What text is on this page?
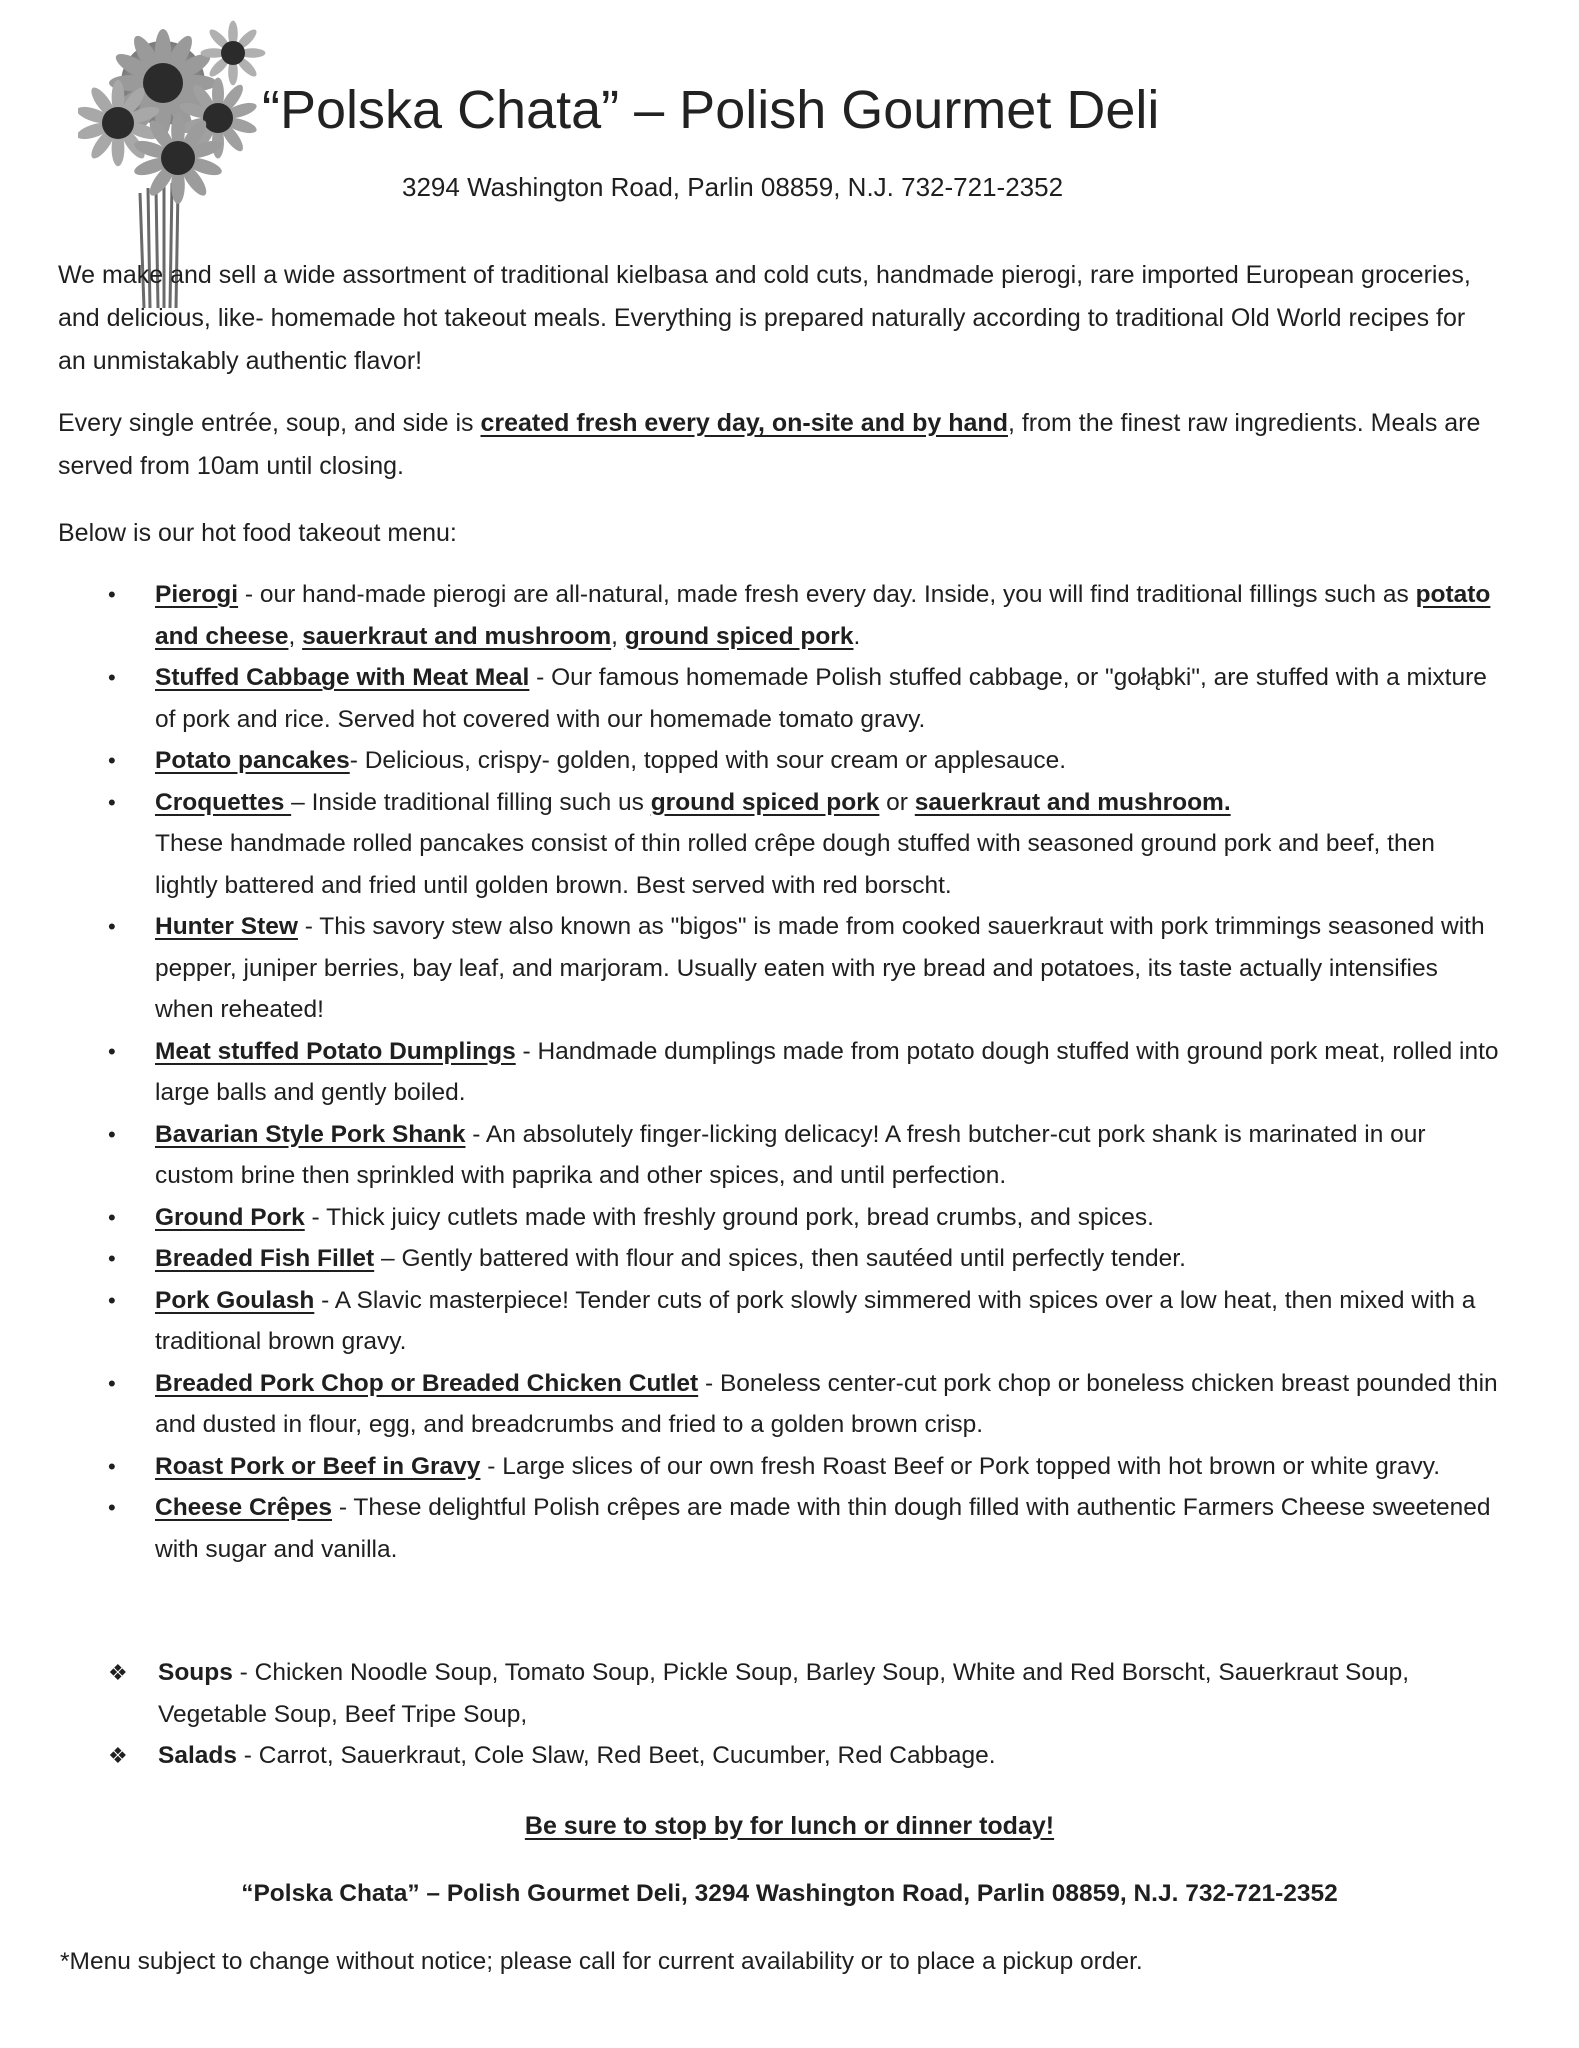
“Polska Chata” – Polish Gourmet Deli
3294 Washington Road, Parlin 08859, N.J. 732-721-2352
We make and sell a wide assortment of traditional kielbasa and cold cuts, handmade pierogi, rare imported European groceries, and delicious, like- homemade hot takeout meals. Everything is prepared naturally according to traditional Old World recipes for an unmistakably authentic flavor!
Every single entrée, soup, and side is created fresh every day, on-site and by hand, from the finest raw ingredients. Meals are served from 10am until closing.
Below is our hot food takeout menu:
• Pierogi - our hand-made pierogi are all-natural, made fresh every day. Inside, you will find traditional fillings such as potato and cheese, sauerkraut and mushroom, ground spiced pork.
• Stuffed Cabbage with Meat Meal - Our famous homemade Polish stuffed cabbage, or "gołąbki", are stuffed with a mixture of pork and rice. Served hot covered with our homemade tomato gravy.
• Potato pancakes- Delicious, crispy- golden, topped with sour cream or applesauce.
• Croquettes – Inside traditional filling such us ground spiced pork or sauerkraut and mushroom.
These handmade rolled pancakes consist of thin rolled crêpe dough stuffed with seasoned ground pork and beef, then lightly battered and fried until golden brown. Best served with red borscht.
• Hunter Stew - This savory stew also known as "bigos" is made from cooked sauerkraut with pork trimmings seasoned with pepper, juniper berries, bay leaf, and marjoram. Usually eaten with rye bread and potatoes, its taste actually intensifies when reheated!
• Meat stuffed Potato Dumplings - Handmade dumplings made from potato dough stuffed with ground pork meat, rolled into large balls and gently boiled.
• Bavarian Style Pork Shank - An absolutely finger-licking delicacy! A fresh butcher-cut pork shank is marinated in our custom brine then sprinkled with paprika and other spices, and until perfection.
• Ground Pork - Thick juicy cutlets made with freshly ground pork, bread crumbs, and spices.
• Breaded Fish Fillet – Gently battered with flour and spices, then sautéed until perfectly tender.
• Pork Goulash - A Slavic masterpiece! Tender cuts of pork slowly simmered with spices over a low heat, then mixed with a traditional brown gravy.
• Breaded Pork Chop or Breaded Chicken Cutlet - Boneless center-cut pork chop or boneless chicken breast pounded thin and dusted in flour, egg, and breadcrumbs and fried to a golden brown crisp.
• Roast Pork or Beef in Gravy - Large slices of our own fresh Roast Beef or Pork topped with hot brown or white gravy.
• Cheese Crêpes - These delightful Polish crêpes are made with thin dough filled with authentic Farmers Cheese sweetened with sugar and vanilla.
❖ Soups - Chicken Noodle Soup, Tomato Soup, Pickle Soup, Barley Soup, White and Red Borscht, Sauerkraut Soup, Vegetable Soup, Beef Tripe Soup,
❖ Salads - Carrot, Sauerkraut, Cole Slaw, Red Beet, Cucumber, Red Cabbage.
Be sure to stop by for lunch or dinner today!
“Polska Chata” – Polish Gourmet Deli, 3294 Washington Road, Parlin 08859, N.J. 732-721-2352
*Menu subject to change without notice; please call for current availability or to place a pickup order.
